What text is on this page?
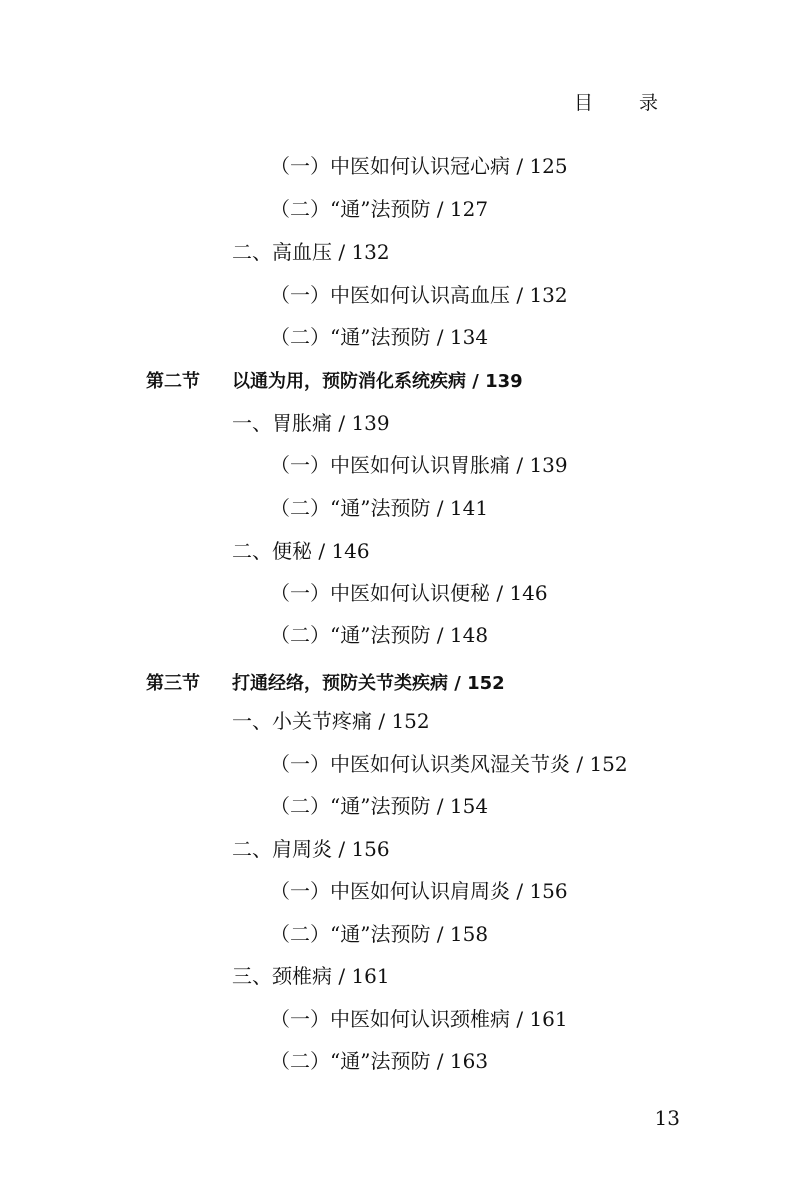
目 录
（一）中医如何认识冠心病 / 125
（二）“通”法预防 / 127
二、高血压 / 132
（一）中医如何认识高血压 / 132
（二）“通”法预防 / 134
第二节 以通为用，预防消化系统疾病 / 139
一、胃胀痛 / 139
（一）中医如何认识胃胀痛 / 139
（二）“通”法预防 / 141
二、便秘 / 146
（一）中医如何认识便秘 / 146
（二）“通”法预防 / 148
第三节 打通经络，预防关节类疾病 / 152
一、小关节疼痛 / 152
（一）中医如何认识类风湿关节炎 / 152
（二）“通”法预防 / 154
二、肩周炎 / 156
（一）中医如何认识肩周炎 / 156
（二）“通”法预防 / 158
三、颈椎病 / 161
（一）中医如何认识颈椎病 / 161
（二）“通”法预防 / 163
13
